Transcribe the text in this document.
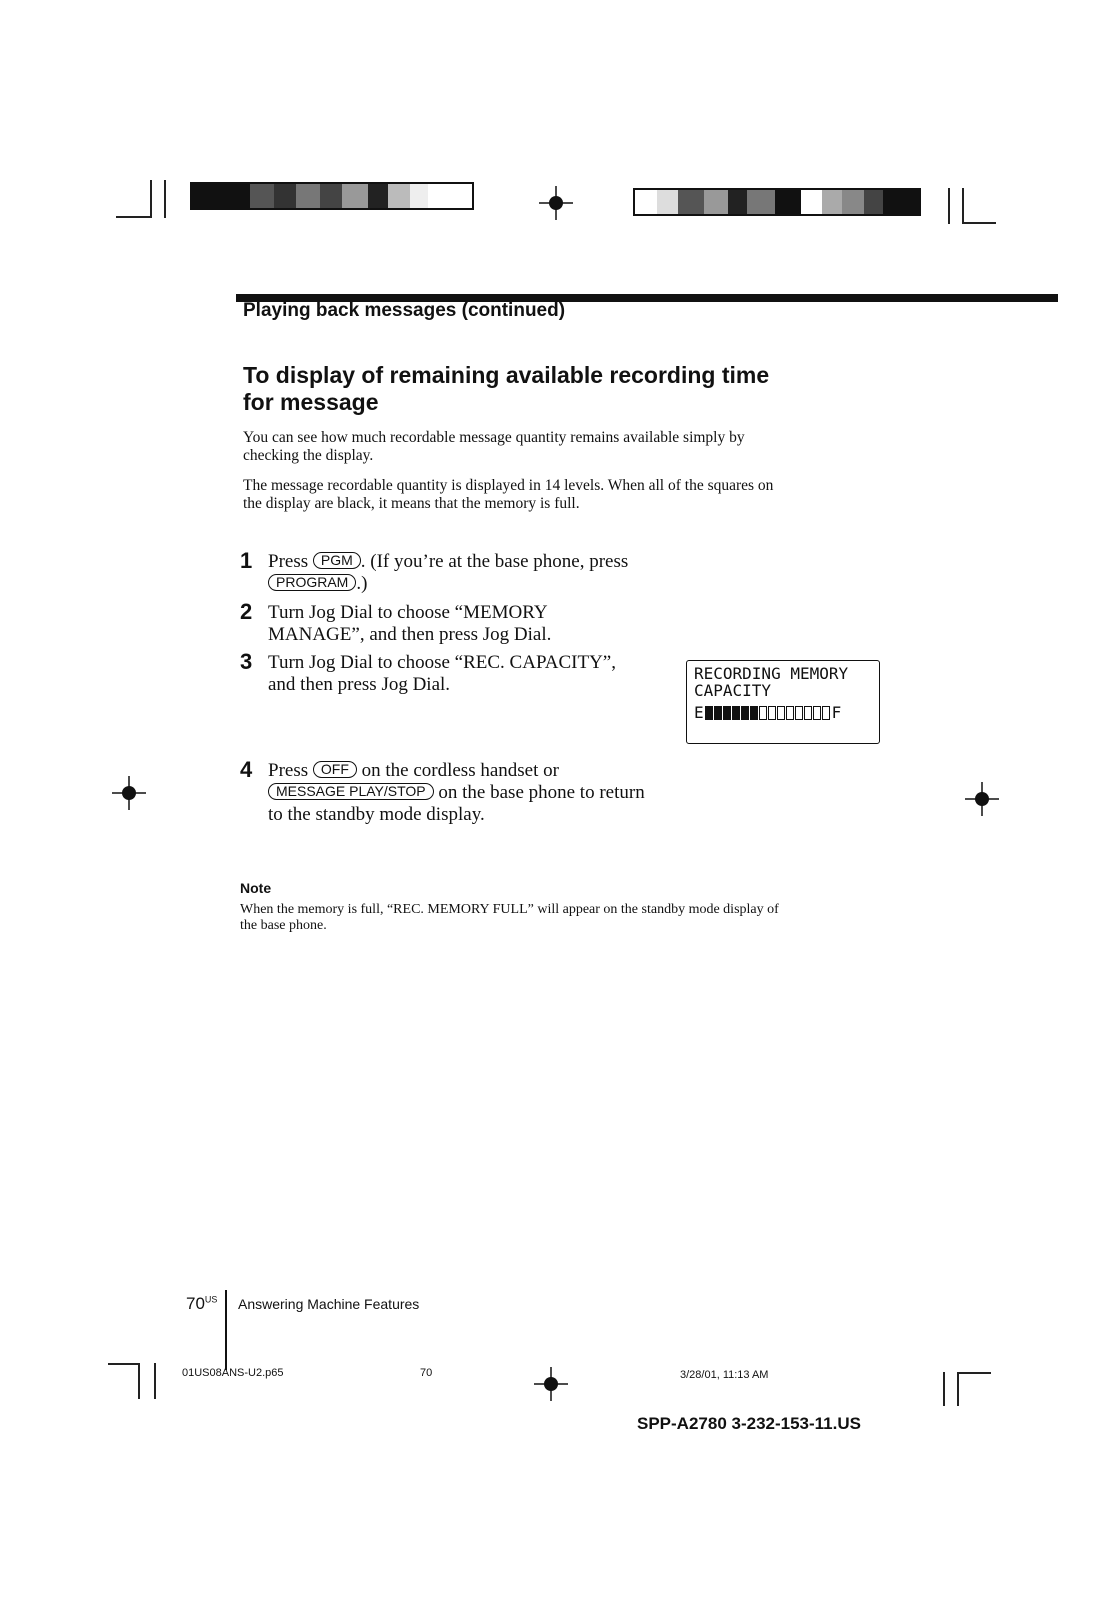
Playing back messages (continued)
To display of remaining available recording time for message
You can see how much recordable message quantity remains available simply by checking the display.
The message recordable quantity is displayed in 14 levels. When all of the squares on the display are black, it means that the memory is full.
1 Press PGM . (If you’re at the base phone, press PROGRAM .)
2 Turn Jog Dial to choose “MEMORY MANAGE”, and then press Jog Dial.
3 Turn Jog Dial to choose “REC. CAPACITY”, and then press Jog Dial.
RECORDING MEMORY
CAPACITY
E	F
4 Press OFF on the cordless handset or MESSAGE PLAY/STOP on the base phone to return to the standby mode display.
Note
When the memory is full, “REC. MEMORY FULL” will appear on the standby mode display of the base phone.
$70^{US}$ Answering Machine Features
01US08ANS-U2.p65	70	3/28/01, 11:13 AM
SPP-A2780 3-232-153-11.US
